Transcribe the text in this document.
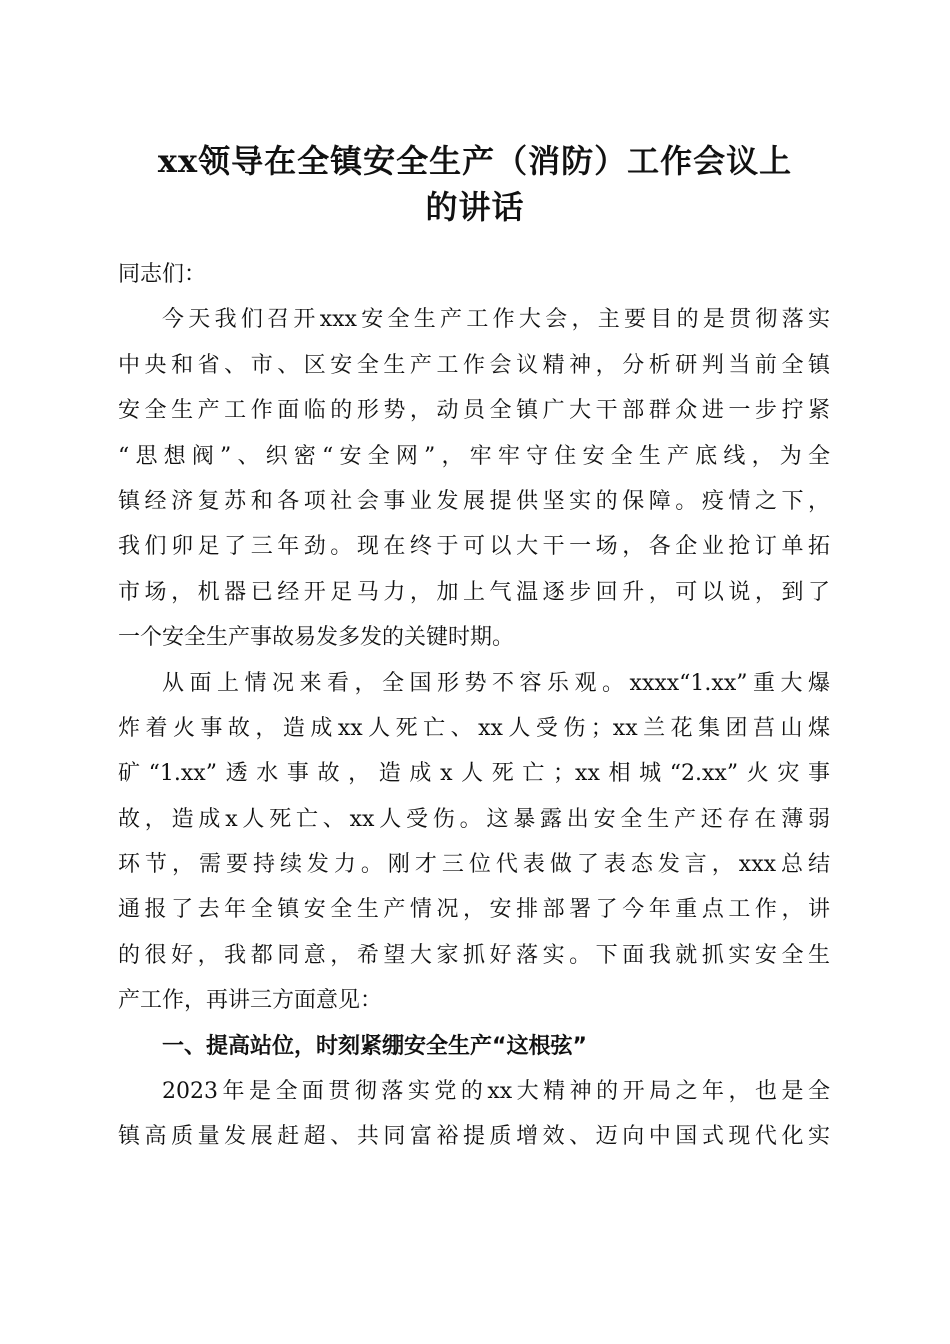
xx领导在全镇安全生产（消防）工作会议上
的讲话
同志们：
今天我们召开xxx安全生产工作大会，主要目的是贯彻落实
中央和省、市、区安全生产工作会议精神，分析研判当前全镇
安全生产工作面临的形势，动员全镇广大干部群众进一步拧紧
“思想阀”、织密“安全网”，牢牢守住安全生产底线，为全
镇经济复苏和各项社会事业发展提供坚实的保障。疫情之下，
我们卯足了三年劲。现在终于可以大干一场，各企业抢订单拓
市场，机器已经开足马力，加上气温逐步回升，可以说，到了
一个安全生产事故易发多发的关键时期。
从面上情况来看，全国形势不容乐观。xxxx“1.xx”重大爆
炸着火事故，造成xx人死亡、xx人受伤；xx兰花集团莒山煤
矿“1.xx”透水事故，造成x人死亡；xx相城“2.xx”火灾事
故，造成x人死亡、xx人受伤。这暴露出安全生产还存在薄弱
环节，需要持续发力。刚才三位代表做了表态发言，xxx总结
通报了去年全镇安全生产情况，安排部署了今年重点工作，讲
的很好，我都同意，希望大家抓好落实。下面我就抓实安全生
产工作，再讲三方面意见：
一、提高站位，时刻紧绷安全生产“这根弦”
2023年是全面贯彻落实党的xx大精神的开局之年，也是全
镇高质量发展赶超、共同富裕提质增效、迈向中国式现代化实
